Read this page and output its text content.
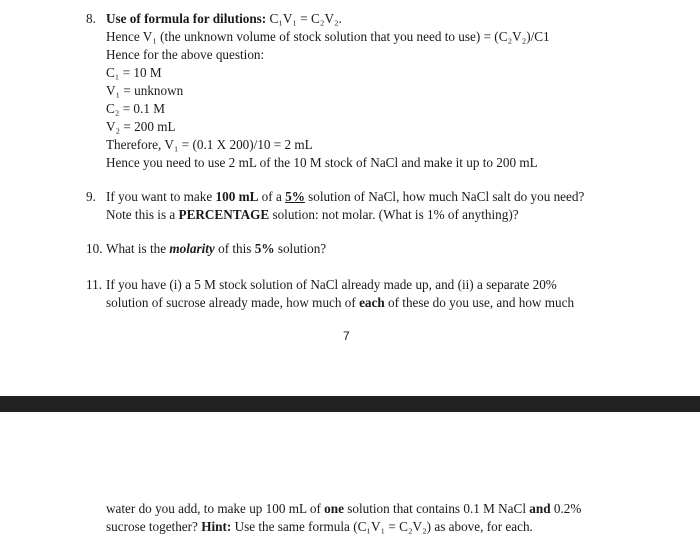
8. Use of formula for dilutions: C₁V₁ = C₂V₂.
Hence V₁ (the unknown volume of stock solution that you need to use) = (C₂V₂)/C1
Hence for the above question:
C₁ = 10 M
V₁ = unknown
C₂ = 0.1 M
V₂ = 200 mL
Therefore, V₁ = (0.1 X 200)/10 = 2 mL
Hence you need to use 2 mL of the 10 M stock of NaCl and make it up to 200 mL
9. If you want to make 100 mL of a 5% solution of NaCl, how much NaCl salt do you need?
Note this is a PERCENTAGE solution: not molar. (What is 1% of anything)?
10. What is the molarity of this 5% solution?
11. If you have (i) a 5 M stock solution of NaCl already made up, and (ii) a separate 20%
solution of sucrose already made, how much of each of these do you use, and how much
7
water do you add, to make up 100 mL of one solution that contains 0.1 M NaCl and 0.2%
sucrose together? Hint: Use the same formula (C₁V₁ = C₂V₂) as above, for each.
